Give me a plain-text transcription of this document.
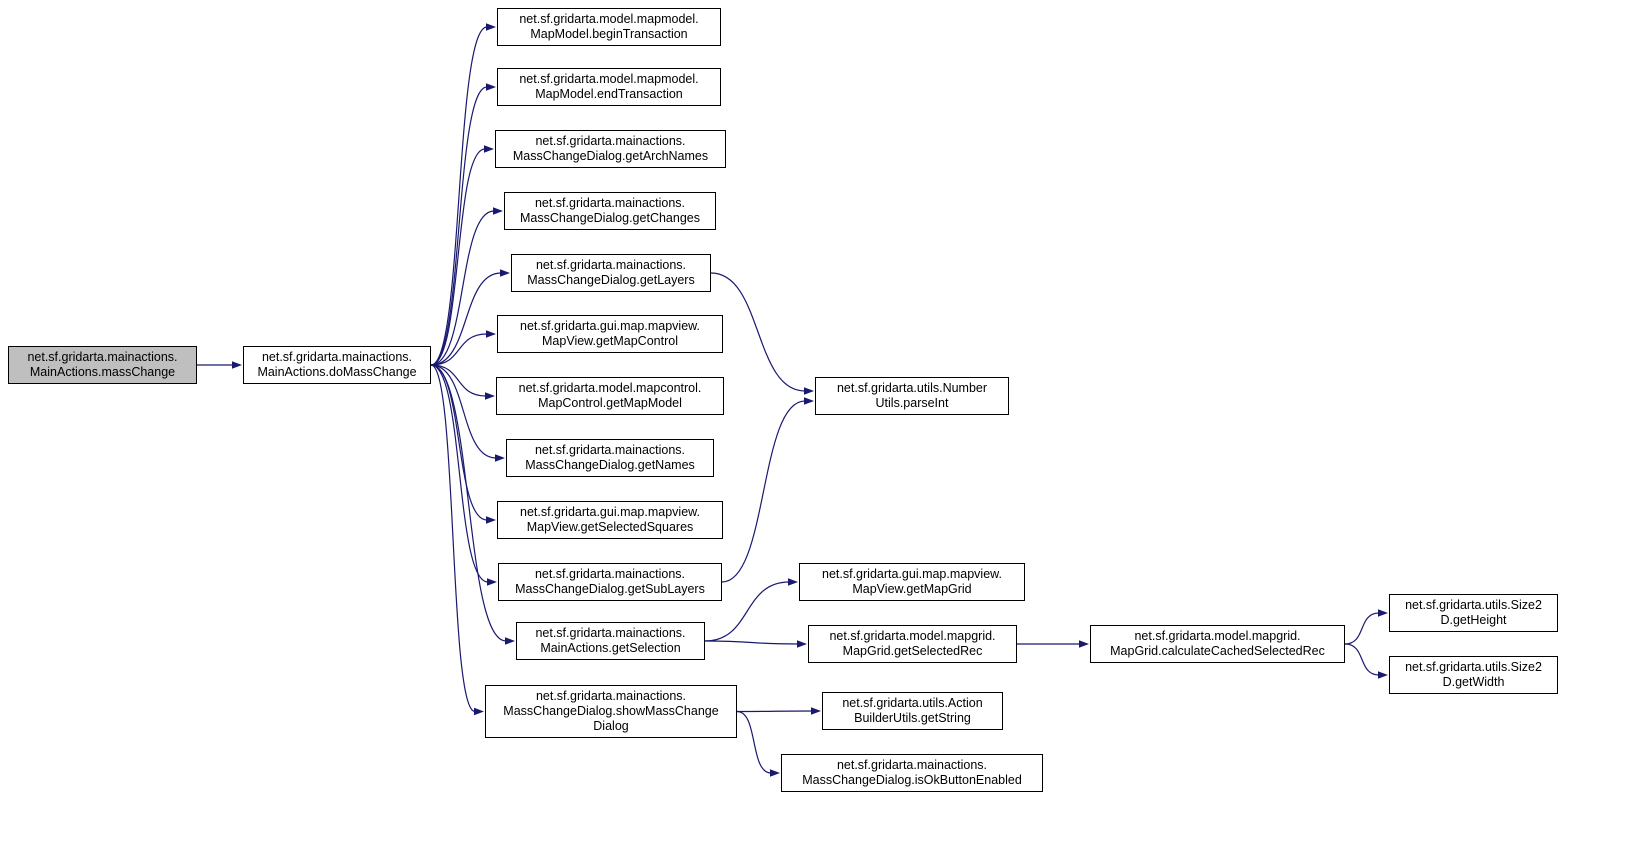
net.sf.gridarta.mainactions.
MainActions.massChange
net.sf.gridarta.mainactions.
MainActions.doMassChange
net.sf.gridarta.model.mapmodel.
MapModel.beginTransaction
net.sf.gridarta.model.mapmodel.
MapModel.endTransaction
net.sf.gridarta.mainactions.
MassChangeDialog.getArchNames
net.sf.gridarta.mainactions.
MassChangeDialog.getChanges
net.sf.gridarta.mainactions.
MassChangeDialog.getLayers
net.sf.gridarta.gui.map.mapview.
MapView.getMapControl
net.sf.gridarta.model.mapcontrol.
MapControl.getMapModel
net.sf.gridarta.mainactions.
MassChangeDialog.getNames
net.sf.gridarta.gui.map.mapview.
MapView.getSelectedSquares
net.sf.gridarta.mainactions.
MassChangeDialog.getSubLayers
net.sf.gridarta.mainactions.
MainActions.getSelection
net.sf.gridarta.mainactions.
MassChangeDialog.showMassChange
Dialog
net.sf.gridarta.utils.Number
Utils.parseInt
net.sf.gridarta.gui.map.mapview.
MapView.getMapGrid
net.sf.gridarta.model.mapgrid.
MapGrid.getSelectedRec
net.sf.gridarta.model.mapgrid.
MapGrid.calculateCachedSelectedRec
net.sf.gridarta.utils.Size2
D.getHeight
net.sf.gridarta.utils.Size2
D.getWidth
net.sf.gridarta.utils.Action
BuilderUtils.getString
net.sf.gridarta.mainactions.
MassChangeDialog.isOkButtonEnabled
